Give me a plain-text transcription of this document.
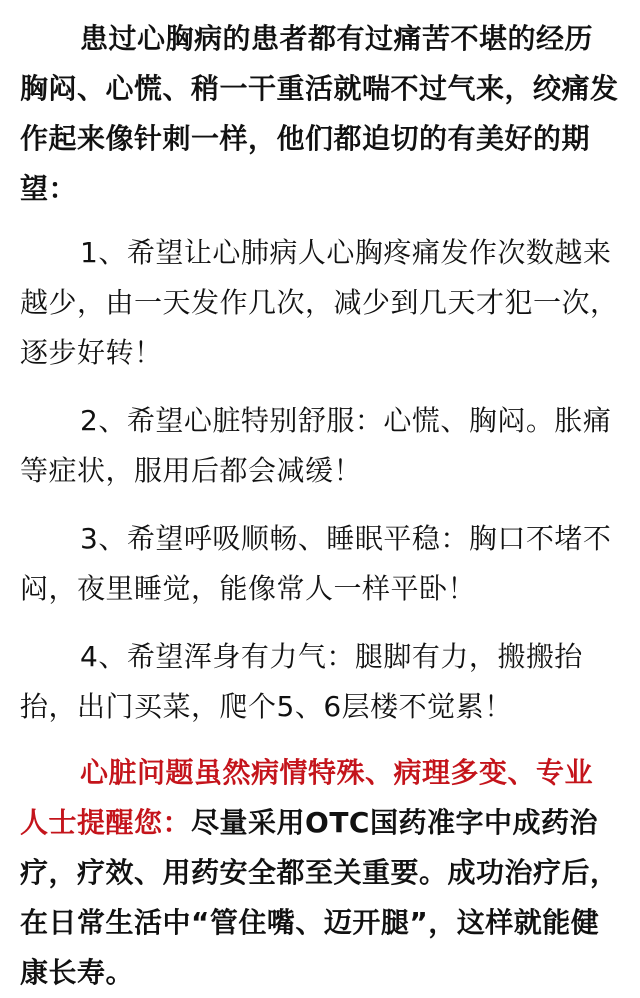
患过心胸病的患者都有过痛苦不堪的经历胸闷、心慌、稍一干重活就喘不过气来，绞痛发作起来像针刺一样，他们都迫切的有美好的期望：

1、希望让心肺病人心胸疼痛发作次数越来越少，由一天发作几次，减少到几天才犯一次，逐步好转！

2、希望心脏特别舒服：心慌、胸闷。胀痛等症状，服用后都会减缓！

3、希望呼吸顺畅、睡眠平稳：胸口不堵不闷，夜里睡觉，能像常人一样平卧！

4、希望浑身有力气：腿脚有力，搬搬抬抬，出门买菜，爬个5、6层楼不觉累！

心脏问题虽然病情特殊、病理多变、专业人士提醒您：尽量采用OTC国药准字中成药治疗，疗效、用药安全都至关重要。成功治疗后，在日常生活中“管住嘴、迈开腿”，这样就能健康长寿。
